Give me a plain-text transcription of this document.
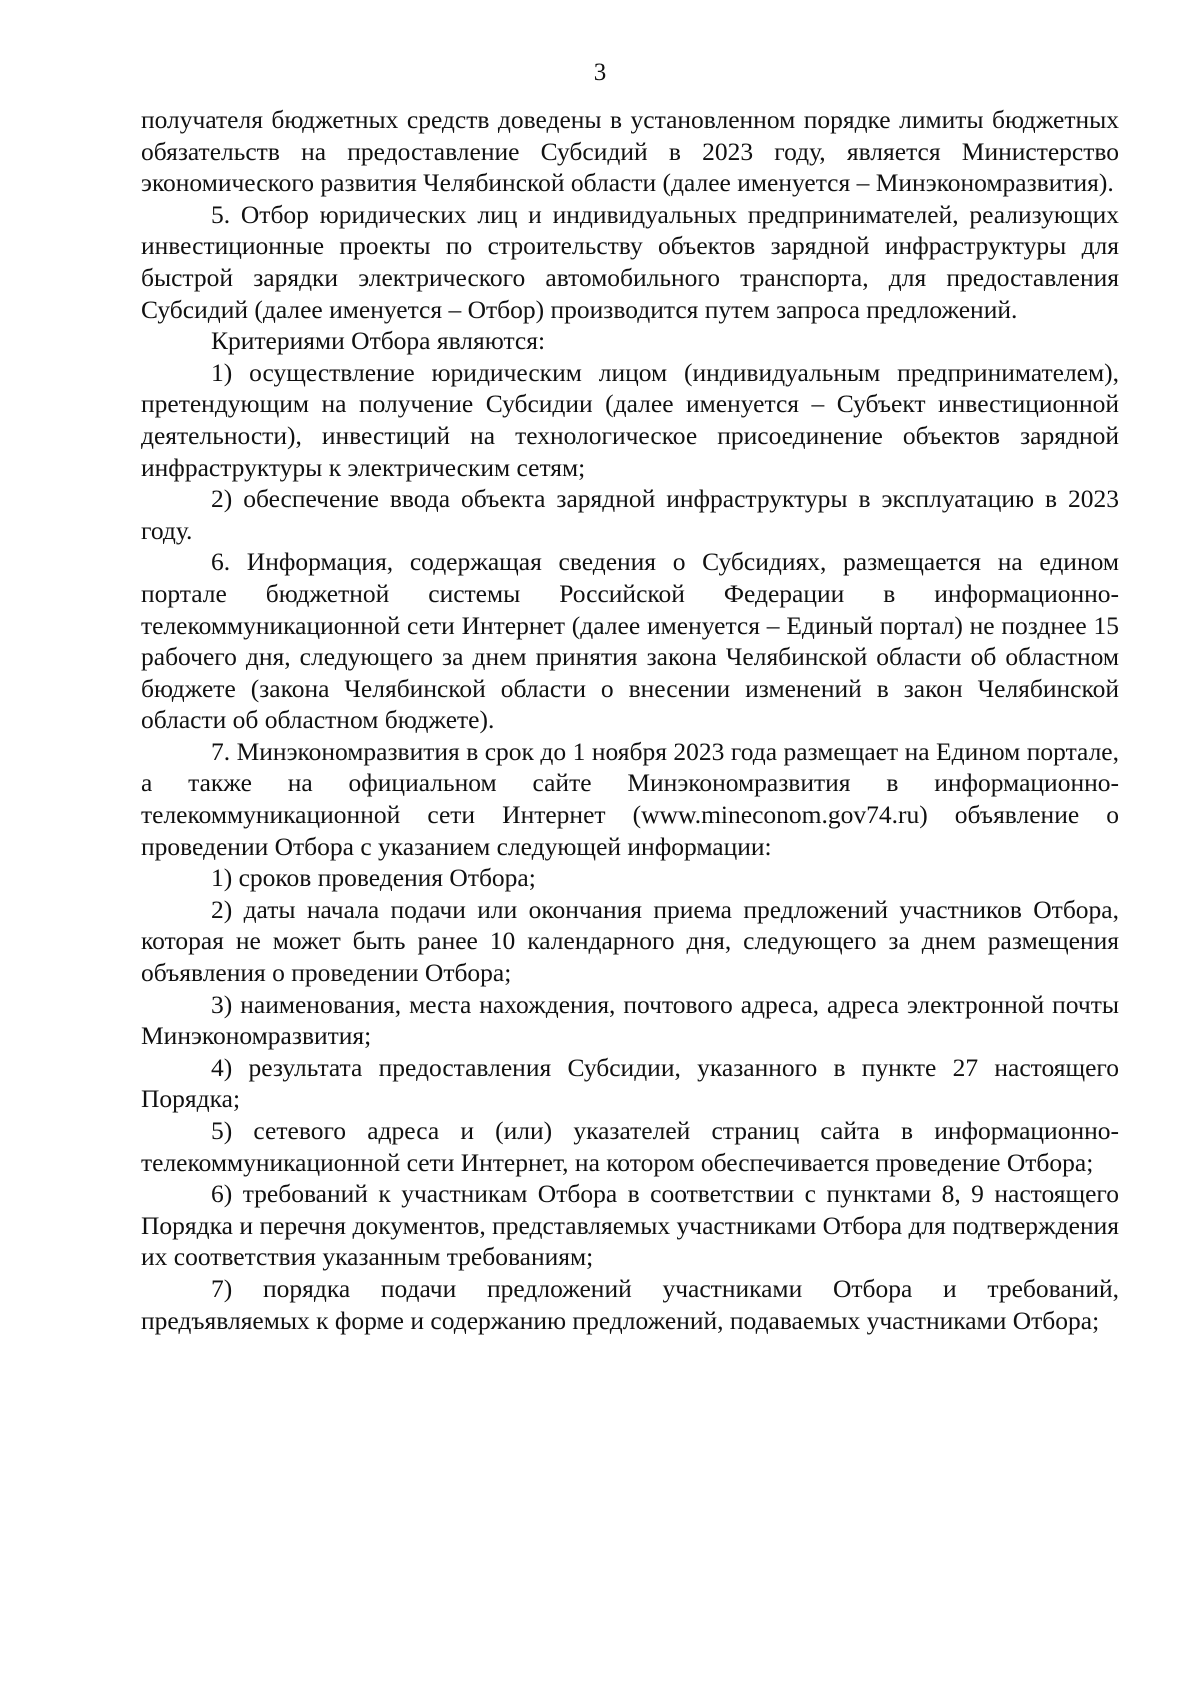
3

получателя бюджетных средств доведены в установленном порядке лимиты бюджетных обязательств на предоставление Субсидий в 2023 году, является Министерство экономического развития Челябинской области (далее именуется – Минэкономразвития).

5. Отбор юридических лиц и индивидуальных предпринимателей, реализующих инвестиционные проекты по строительству объектов зарядной инфраструктуры для быстрой зарядки электрического автомобильного транспорта, для предоставления Субсидий (далее именуется – Отбор) производится путем запроса предложений.

Критериями Отбора являются:

1) осуществление юридическим лицом (индивидуальным предпринимателем), претендующим на получение Субсидии (далее именуется – Субъект инвестиционной деятельности), инвестиций на технологическое присоединение объектов зарядной инфраструктуры к электрическим сетям;

2) обеспечение ввода объекта зарядной инфраструктуры в эксплуатацию в 2023 году.

6. Информация, содержащая сведения о Субсидиях, размещается на едином портале бюджетной системы Российской Федерации в информационно-телекоммуникационной сети Интернет (далее именуется – Единый портал) не позднее 15 рабочего дня, следующего за днем принятия закона Челябинской области об областном бюджете (закона Челябинской области о внесении изменений в закон Челябинской области об областном бюджете).

7. Минэкономразвития в срок до 1 ноября 2023 года размещает на Едином портале, а также на официальном сайте Минэкономразвития в информационно-телекоммуникационной сети Интернет (www.mineconom.gov74.ru) объявление о проведении Отбора с указанием следующей информации:

1) сроков проведения Отбора;

2) даты начала подачи или окончания приема предложений участников Отбора, которая не может быть ранее 10 календарного дня, следующего за днем размещения объявления о проведении Отбора;

3) наименования, места нахождения, почтового адреса, адреса электронной почты Минэкономразвития;

4) результата предоставления Субсидии, указанного в пункте 27 настоящего Порядка;

5) сетевого адреса и (или) указателей страниц сайта в информационно-телекоммуникационной сети Интернет, на котором обеспечивается проведение Отбора;

6) требований к участникам Отбора в соответствии с пунктами 8, 9 настоящего Порядка и перечня документов, представляемых участниками Отбора для подтверждения их соответствия указанным требованиям;

7) порядка подачи предложений участниками Отбора и требований, предъявляемых к форме и содержанию предложений, подаваемых участниками Отбора;
